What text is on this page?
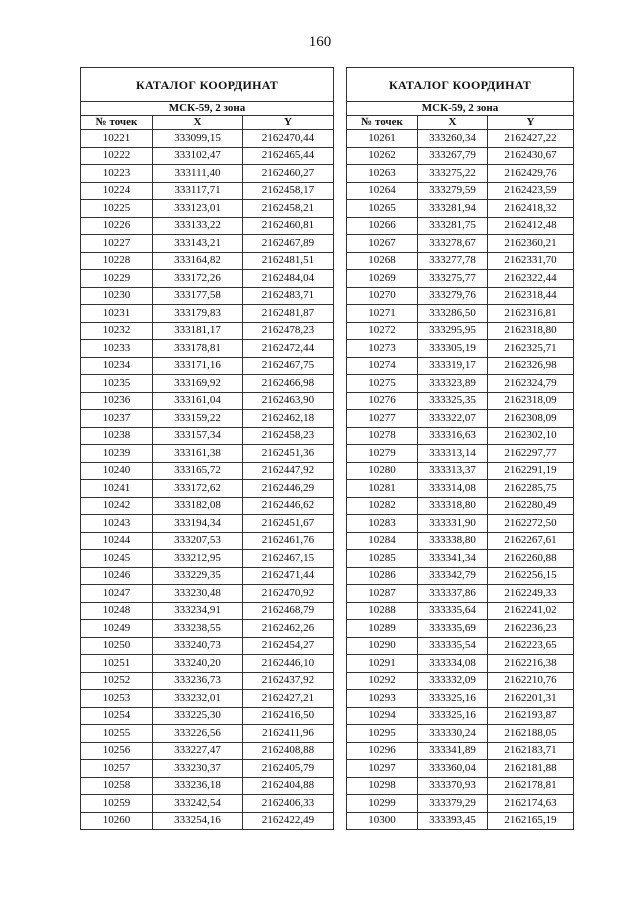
160
КАТАЛОГ КООРДИНАТ		
МСК-59, 2 зона		
№ точек	X	Y
10221	333099,15	2162470,44
10222	333102,47	2162465,44
10223	333111,40	2162460,27
10224	333117,71	2162458,17
10225	333123,01	2162458,21
10226	333133,22	2162460,81
10227	333143,21	2162467,89
10228	333164,82	2162481,51
10229	333172,26	2162484,04
10230	333177,58	2162483,71
10231	333179,83	2162481,87
10232	333181,17	2162478,23
10233	333178,81	2162472,44
10234	333171,16	2162467,75
10235	333169,92	2162466,98
10236	333161,04	2162463,90
10237	333159,22	2162462,18
10238	333157,34	2162458,23
10239	333161,38	2162451,36
10240	333165,72	2162447,92
10241	333172,62	2162446,29
10242	333182,08	2162446,62
10243	333194,34	2162451,67
10244	333207,53	2162461,76
10245	333212,95	2162467,15
10246	333229,35	2162471,44
10247	333230,48	2162470,92
10248	333234,91	2162468,79
10249	333238,55	2162462,26
10250	333240,73	2162454,27
10251	333240,20	2162446,10
10252	333236,73	2162437,92
10253	333232,01	2162427,21
10254	333225,30	2162416,50
10255	333226,56	2162411,96
10256	333227,47	2162408,88
10257	333230,37	2162405,79
10258	333236,18	2162404,88
10259	333242,54	2162406,33
10260	333254,16	2162422,49
КАТАЛОГ КООРДИНАТ		
МСК-59, 2 зона		
№ точек	X	Y
10261	333260,34	2162427,22
10262	333267,79	2162430,67
10263	333275,22	2162429,76
10264	333279,59	2162423,59
10265	333281,94	2162418,32
10266	333281,75	2162412,48
10267	333278,67	2162360,21
10268	333277,78	2162331,70
10269	333275,77	2162322,44
10270	333279,76	2162318,44
10271	333286,50	2162316,81
10272	333295,95	2162318,80
10273	333305,19	2162325,71
10274	333319,17	2162326,98
10275	333323,89	2162324,79
10276	333325,35	2162318,09
10277	333322,07	2162308,09
10278	333316,63	2162302,10
10279	333313,14	2162297,77
10280	333313,37	2162291,19
10281	333314,08	2162285,75
10282	333318,80	2162280,49
10283	333331,90	2162272,50
10284	333338,80	2162267,61
10285	333341,34	2162260,88
10286	333342,79	2162256,15
10287	333337,86	2162249,33
10288	333335,64	2162241,02
10289	333335,69	2162236,23
10290	333335,54	2162223,65
10291	333334,08	2162216,38
10292	333332,09	2162210,76
10293	333325,16	2162201,31
10294	333325,16	2162193,87
10295	333330,24	2162188,05
10296	333341,89	2162183,71
10297	333360,04	2162181,88
10298	333370,93	2162178,81
10299	333379,29	2162174,63
10300	333393,45	2162165,19
